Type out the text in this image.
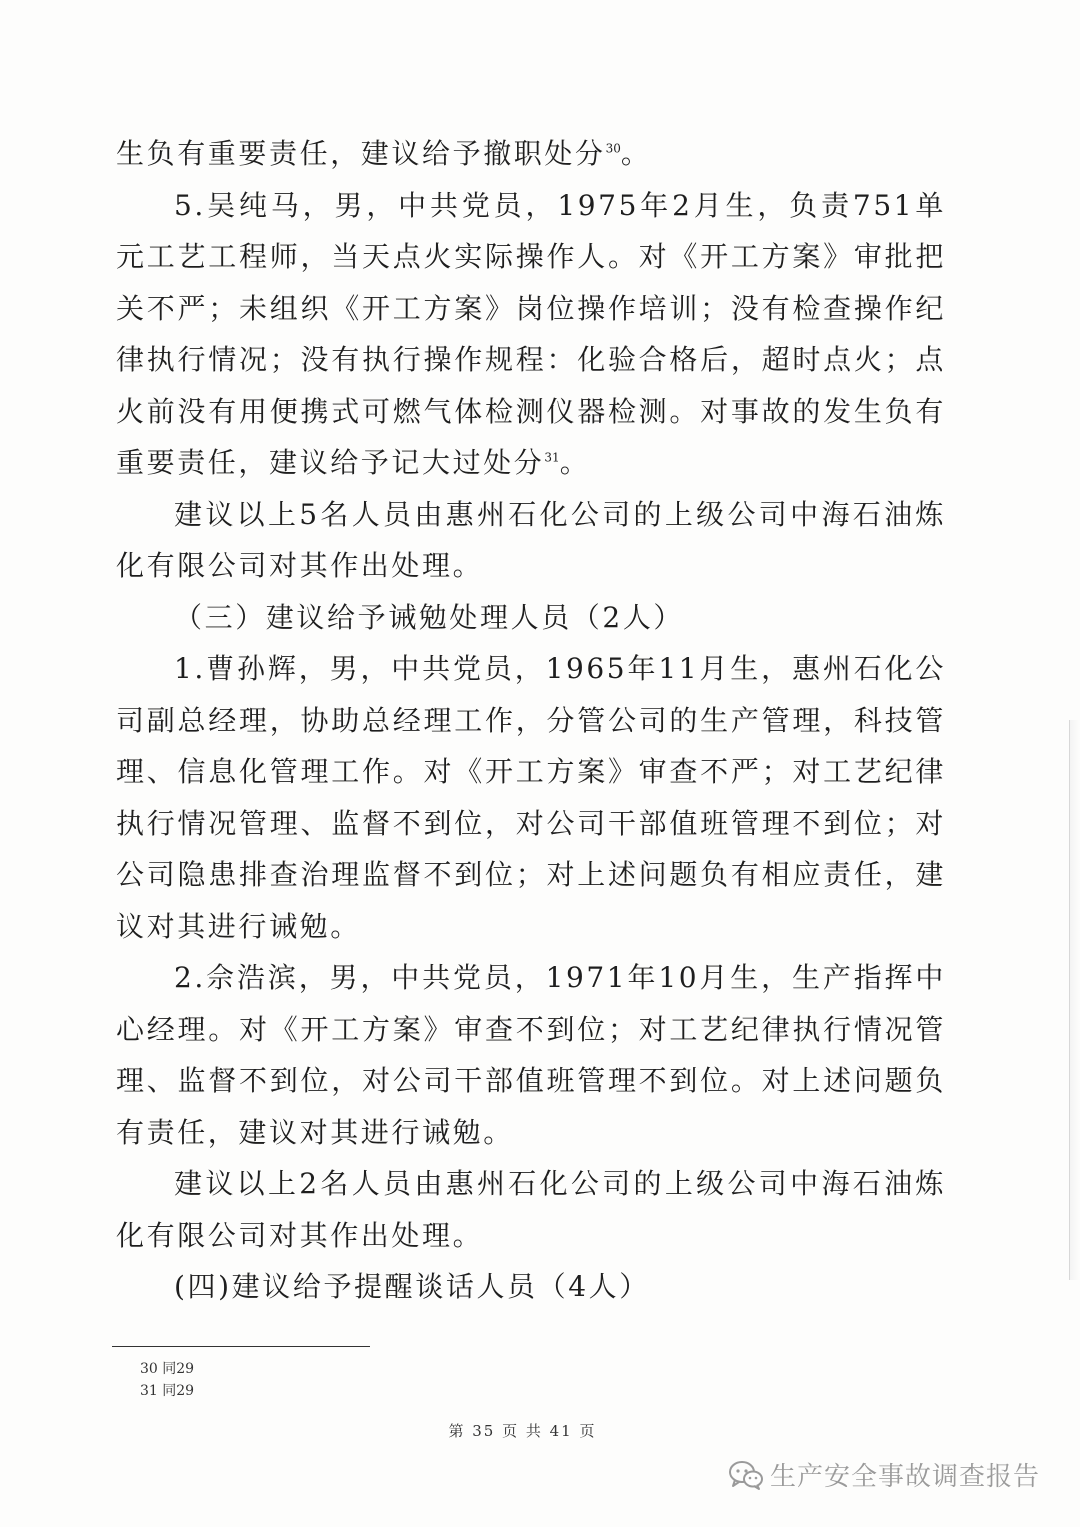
生负有重要责任，建议给予撤职处分$^{30}$。

5.吴纯马，男，中共党员，1975年2月生，负责751单元工艺工程师，当天点火实际操作人。对《开工方案》审批把关不严；未组织《开工方案》岗位操作培训；没有检查操作纪律执行情况；没有执行操作规程：化验合格后，超时点火；点火前没有用便携式可燃气体检测仪器检测。对事故的发生负有重要责任，建议给予记大过处分$^{31}$。

建议以上5名人员由惠州石化公司的上级公司中海石油炼化有限公司对其作出处理。

（三）建议给予诫勉处理人员（2人）

1.曹孙辉，男，中共党员，1965年11月生，惠州石化公司副总经理，协助总经理工作，分管公司的生产管理，科技管理、信息化管理工作。对《开工方案》审查不严；对工艺纪律执行情况管理、监督不到位，对公司干部值班管理不到位；对公司隐患排查治理监督不到位；对上述问题负有相应责任，建议对其进行诫勉。

2.佘浩滨，男，中共党员，1971年10月生，生产指挥中心经理。对《开工方案》审查不到位；对工艺纪律执行情况管理、监督不到位，对公司干部值班管理不到位。对上述问题负有责任，建议对其进行诫勉。

建议以上2名人员由惠州石化公司的上级公司中海石油炼化有限公司对其作出处理。

(四)建议给予提醒谈话人员（4人）

30 同29
31 同29
第 35 页 共 41 页
生产安全事故调查报告
